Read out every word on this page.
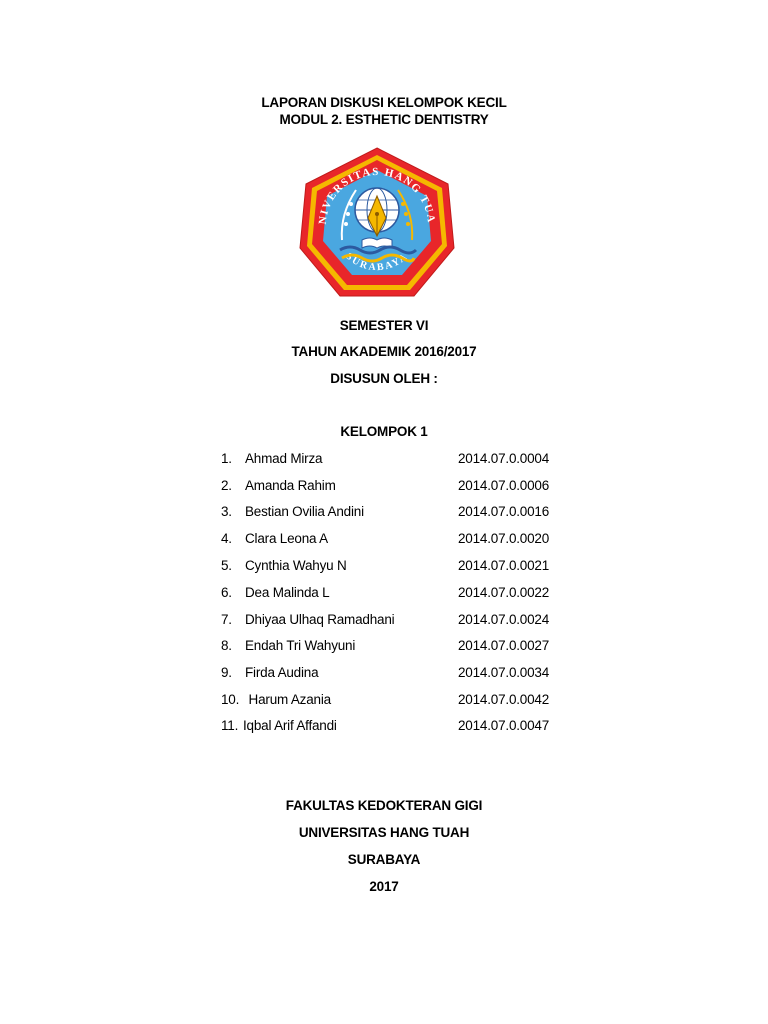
LAPORAN DISKUSI KELOMPOK KECIL
MODUL 2. ESTHETIC DENTISTRY
NIVERSITAS HANG TUA
SURABAYA
SEMESTER VI
TAHUN AKADEMIK 2016/2017
DISUSUN OLEH :
KELOMPOK 1
1. Ahmad Mirza	2014.07.0.0004
2. Amanda Rahim	2014.07.0.0006
3. Bestian Ovilia Andini	2014.07.0.0016
4. Clara Leona A	2014.07.0.0020
5. Cynthia Wahyu N	2014.07.0.0021
6. Dea Malinda L	2014.07.0.0022
7. Dhiyaa Ulhaq Ramadhani	2014.07.0.0024
8. Endah Tri Wahyuni	2014.07.0.0027
9. Firda Audina	2014.07.0.0034
10. Harum Azania	2014.07.0.0042
11. Iqbal Arif Affandi	2014.07.0.0047
FAKULTAS KEDOKTERAN GIGI
UNIVERSITAS HANG TUAH
SURABAYA
2017
